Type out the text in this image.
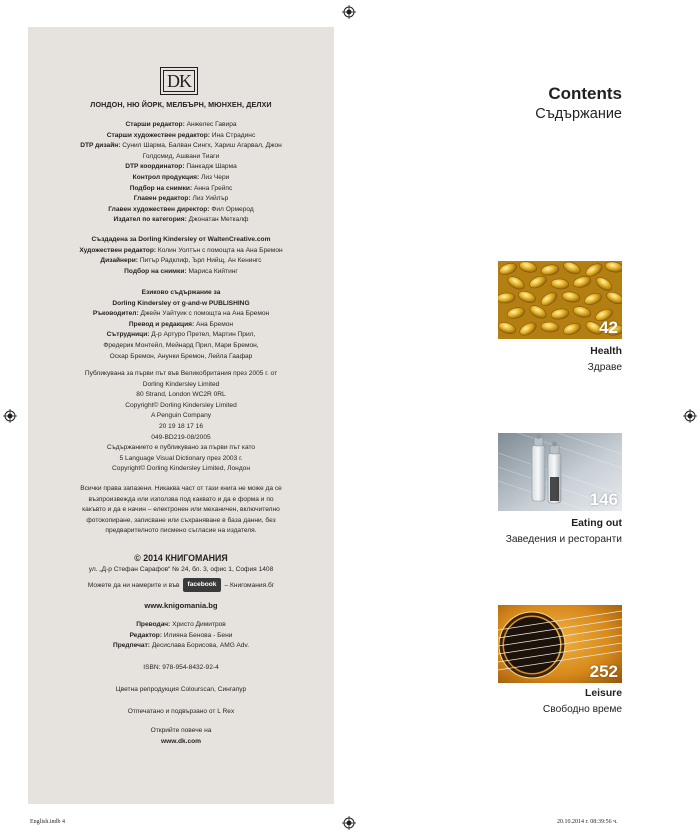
DK
ЛОНДОН, НЮ ЙОРК, МЕЛБЪРН, МЮНХЕН, ДЕЛХИ
Старши редактор: Анжелес Гавира
Старши художествен редактор: Ина Страдинс
DTP дизайн: Сунил Шарма, Балван Сингх, Хариш Агарвал, Джон
Голдсмид, Ашвани Тиаги
DTP координатор: Панкадж Шарма
Контрол продукция: Лиз Чери
Подбор на снимки: Анна Грейпс
Главен редактор: Лиз Уийлър
Главен художествен директор: Фил Ормерод
Издател по категория: Джонатан Меткалф
Създадена за Dorling Kindersley от WaltenCreative.com
Художествен редактор: Колин Уолтън с помощта на Ана Бремон
Дизайнери: Питър Радклиф, Ърл Нийщ, Ан Кенингс
Подбор на снимки: Мариса Кийтинг
Езиково съдържание за
Dorling Kindersley от g-and-w PUBLISHING
Ръководител: Джейн Уайтуик с помощта на Ана Бремон
Превод и редакция: Ана Бремон
Сътрудници: Д-р Артуро Претел, Мартин Прил,
Фредерик Монтейл, Мейнард Прил, Мари Бремон,
Оскар Бремон, Анунки Бремон, Лейла Гаафар
Публикувана за първи път във Великобритания през 2005 г. от
Dorling Kindersley Limited
80 Strand, London WC2R 0RL
Copyright© Dorling Kindersley Limited
A Penguin Company
20 19 18 17 16
049-BD219-08/2005
Съдържанието е публикувано за първи път като
5 Language Visual Dictionary през 2003 г.
Copyright© Dorling Kindersley Limited, Лондон
Всички права запазени. Никаква част от тази книга не може да се
възпроизвежда или използва под каквато и да е форма и по
какъвто и да е начин – електронен или механичен, включително
фотокопиране, записване или съхраняване в база данни, без
предварителното писмено съгласие на издателя.
© 2014 КНИГОМАНИЯ
ул. „Д-р Стефан Сарафов“ № 24, бл. 3, офис 1, София 1408
Можете да ни намерите и във facebook – Книгомания.бг
www.knigomania.bg
Преводач: Христо Димитров
Редактор: Илияна Бенова - Бени
Предпечат: Десислава Борисова, AMG Adv.
ISBN: 978-954-8432-92-4
Цветна репродукция Colourscan, Сингапур
Отпечатано и подвързано от L Rex
Открийте повече на
www.dk.com
Contents
Съдържание
42
Health
Здраве
146
Eating out
Заведения и ресторанти
252
Leisure
Свободно време
English.indb 4	20.10.2014 г. 08:39:56 ч.
